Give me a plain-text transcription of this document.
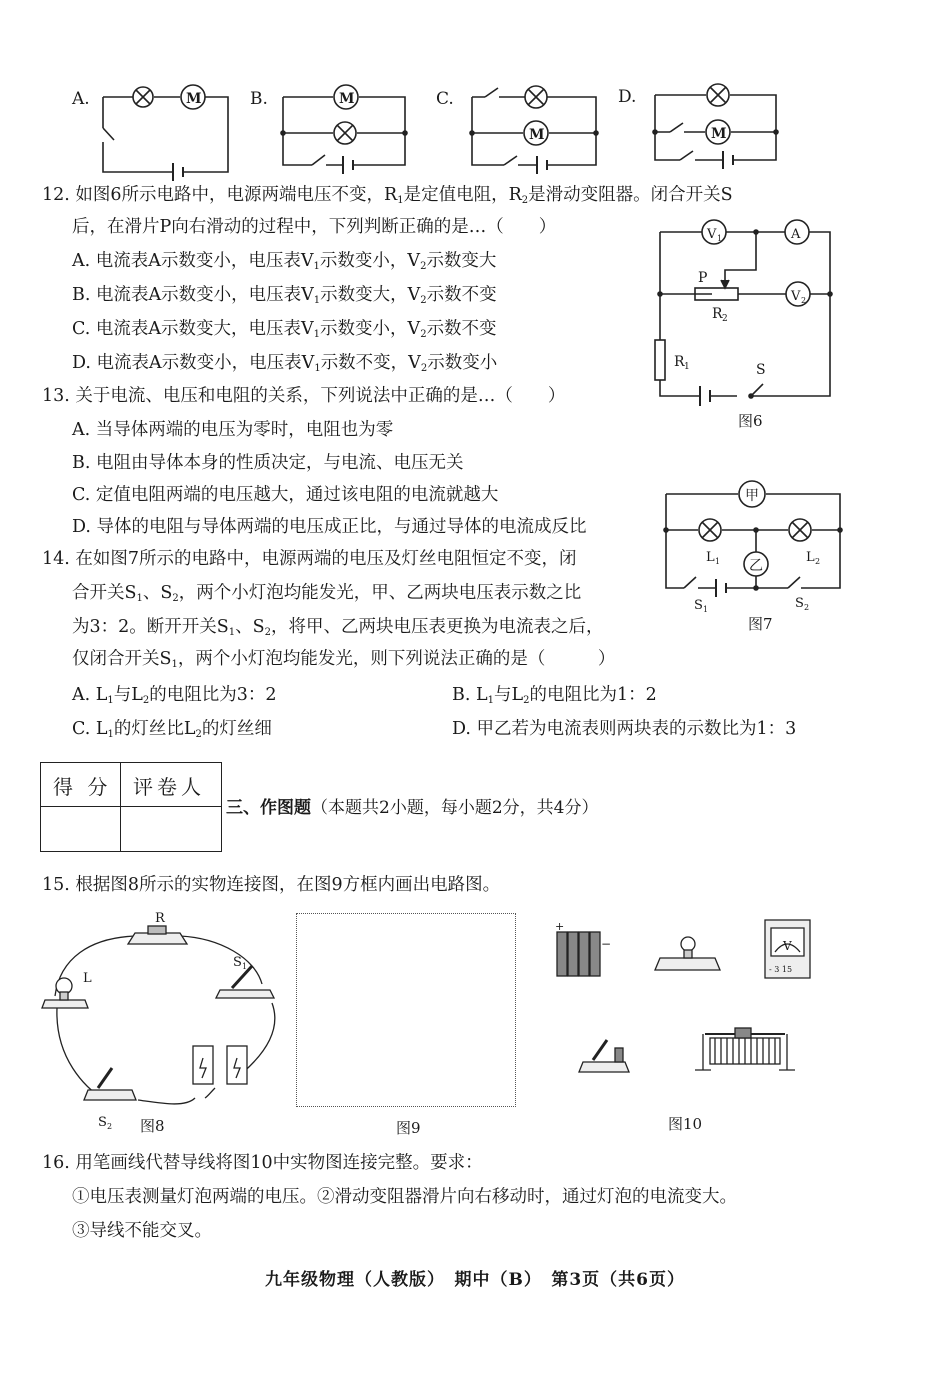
A.	M	B.	M	C.
M
D.
M
12. 如图6所示电路中，电源两端电压不变，$R_1$是定值电阻，$R_2$是滑动变阻器。闭合开关S
后，在滑片P向右滑动的过程中，下列判断正确的是…（　　）
A. 电流表A示数变小，电压表$V_1$示数变小，$V_2$示数变大
B. 电流表A示数变小，电压表$V_1$示数变大，$V_2$示数不变
C. 电流表A示数变大，电压表$V_1$示数变小，$V_2$示数不变
D. 电流表A示数变小，电压表$V_1$示数不变，$V_2$示数变小
V 1	A
V 2
P
R 2
R 1	S
图6
13. 关于电流、电压和电阻的关系，下列说法中正确的是…（　　）
A. 当导体两端的电压为零时，电阻也为零
B. 电阻由导体本身的性质决定，与电流、电压无关
C. 定值电阻两端的电压越大，通过该电阻的电流就越大
D. 导体的电阻与导体两端的电压成正比，与通过导体的电流成反比
甲
乙
L 1	L 2
S 1	S 2
图7
14. 在如图7所示的电路中，电源两端的电压及灯丝电阻恒定不变，闭
合开关$S_1$、$S_2$，两个小灯泡均能发光，甲、乙两块电压表示数之比
为3：2。断开开关$S_1$、$S_2$，将甲、乙两块电压表更换为电流表之后，
仅闭合开关$S_1$，两个小灯泡均能发光，则下列说法正确的是（　　　）
A. $L_1$与$L_2$的电阻比为3：2	B. $L_1$与$L_2$的电阻比为1：2
C. $L_1$的灯丝比$L_2$的灯丝细	D. 甲乙若为电流表则两块表的示数比为1：3
得 分 评卷人
三、作图题（本题共2小题，每小题2分，共4分）
15. 根据图8所示的实物连接图，在图9方框内画出电路图。
R
L
S 1
S 2 图8	图9
+
−	V
- 3 15
图10
16. 用笔画线代替导线将图10中实物图连接完整。要求：
①电压表测量灯泡两端的电压。②滑动变阻器滑片向右移动时，通过灯泡的电流变大。
③导线不能交叉。
九年级物理（人教版）　期中（B）　第3页（共6页）
